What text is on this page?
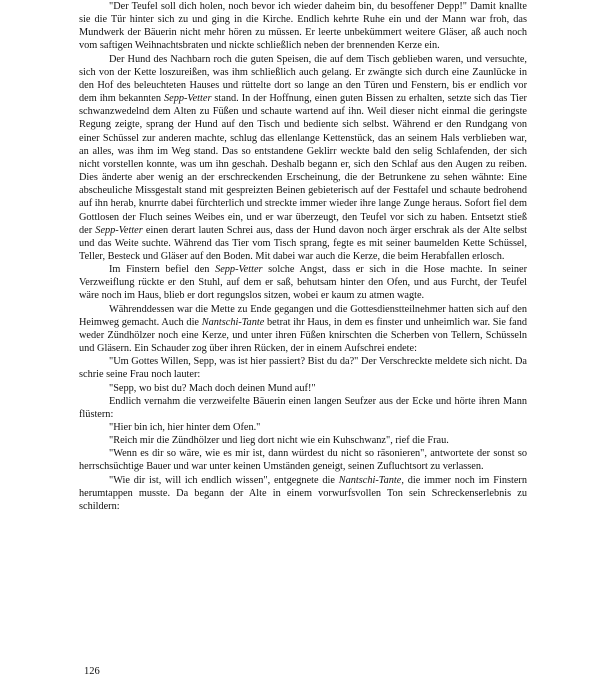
"Der Teufel soll dich holen, noch bevor ich wieder daheim bin, du besoffener Depp!" Damit knallte sie die Tür hinter sich zu und ging in die Kirche. Endlich kehrte Ruhe ein und der Mann war froh, das Mundwerk der Bäuerin nicht mehr hören zu müssen. Er leerte unbekümmert weitere Gläser, aß auch noch vom saftigen Weihnachtsbraten und nickte schließlich neben der brennenden Kerze ein.

Der Hund des Nachbarn roch die guten Speisen, die auf dem Tisch geblieben waren, und versuchte, sich von der Kette loszureißen, was ihm schließlich auch gelang. Er zwängte sich durch eine Zaunlücke in den Hof des beleuchteten Hauses und rüttelte dort so lange an den Türen und Fenstern, bis er endlich vor dem ihm bekannten Sepp-Vetter stand. In der Hoffnung, einen guten Bissen zu erhalten, setzte sich das Tier schwanzwedelnd dem Alten zu Füßen und schaute wartend auf ihn. Weil dieser nicht einmal die geringste Regung zeigte, sprang der Hund auf den Tisch und bediente sich selbst. Während er den Rundgang von einer Schüssel zur anderen machte, schlug das ellenlange Kettenstück, das an seinem Hals verblieben war, an alles, was ihm im Weg stand. Das so entstandene Geklirr weckte bald den selig Schlafenden, der sich nicht vorstellen konnte, was um ihn geschah. Deshalb begann er, sich den Schlaf aus den Augen zu reiben. Dies änderte aber wenig an der erschreckenden Erscheinung, die der Betrunkene zu sehen wähnte: Eine abscheuliche Missgestalt stand mit gespreizten Beinen gebieterisch auf der Festtafel und schaute bedrohend auf ihn herab, knurrte dabei fürchterlich und streckte immer wieder ihre lange Zunge heraus. Sofort fiel dem Gottlosen der Fluch seines Weibes ein, und er war überzeugt, den Teufel vor sich zu haben. Entsetzt stieß der Sepp-Vetter einen derart lauten Schrei aus, dass der Hund davon noch ärger erschrak als der Alte selbst und das Weite suchte. Während das Tier vom Tisch sprang, fegte es mit seiner baumelden Kette Schüssel, Teller, Besteck und Gläser auf den Boden. Mit dabei war auch die Kerze, die beim Herabfallen erlosch.

Im Finstern befiel den Sepp-Vetter solche Angst, dass er sich in die Hose machte. In seiner Verzweiflung rückte er den Stuhl, auf dem er saß, behutsam hinter den Ofen, und aus Furcht, der Teufel wäre noch im Haus, blieb er dort regungslos sitzen, wobei er kaum zu atmen wagte.

Währenddessen war die Mette zu Ende gegangen und die Gottesdienstteilnehmer hatten sich auf den Heimweg gemacht. Auch die Nantschi-Tante betrat ihr Haus, in dem es finster und unheimlich war. Sie fand weder Zündhölzer noch eine Kerze, und unter ihren Füßen knirschten die Scherben von Tellern, Schüsseln und Gläsern. Ein Schauder zog über ihren Rücken, der in einem Aufschrei endete:

"Um Gottes Willen, Sepp, was ist hier passiert? Bist du da?" Der Verschreckte meldete sich nicht. Da schrie seine Frau noch lauter:

"Sepp, wo bist du? Mach doch deinen Mund auf!"

Endlich vernahm die verzweifelte Bäuerin einen langen Seufzer aus der Ecke und hörte ihren Mann flüstern:

"Hier bin ich, hier hinter dem Ofen."

"Reich mir die Zündhölzer und lieg dort nicht wie ein Kuhschwanz", rief die Frau.

"Wenn es dir so wäre, wie es mir ist, dann würdest du nicht so räsonieren", antwortete der sonst so herrschsüchtige Bauer und war unter keinen Umständen geneigt, seinen Zufluchtsort zu verlassen.

"Wie dir ist, will ich endlich wissen", entgegnete die Nantschi-Tante, die immer noch im Finstern herumtappen musste. Da begann der Alte in einem vorwurfsvollen Ton sein Schreckenserlebnis zu schildern:

126
